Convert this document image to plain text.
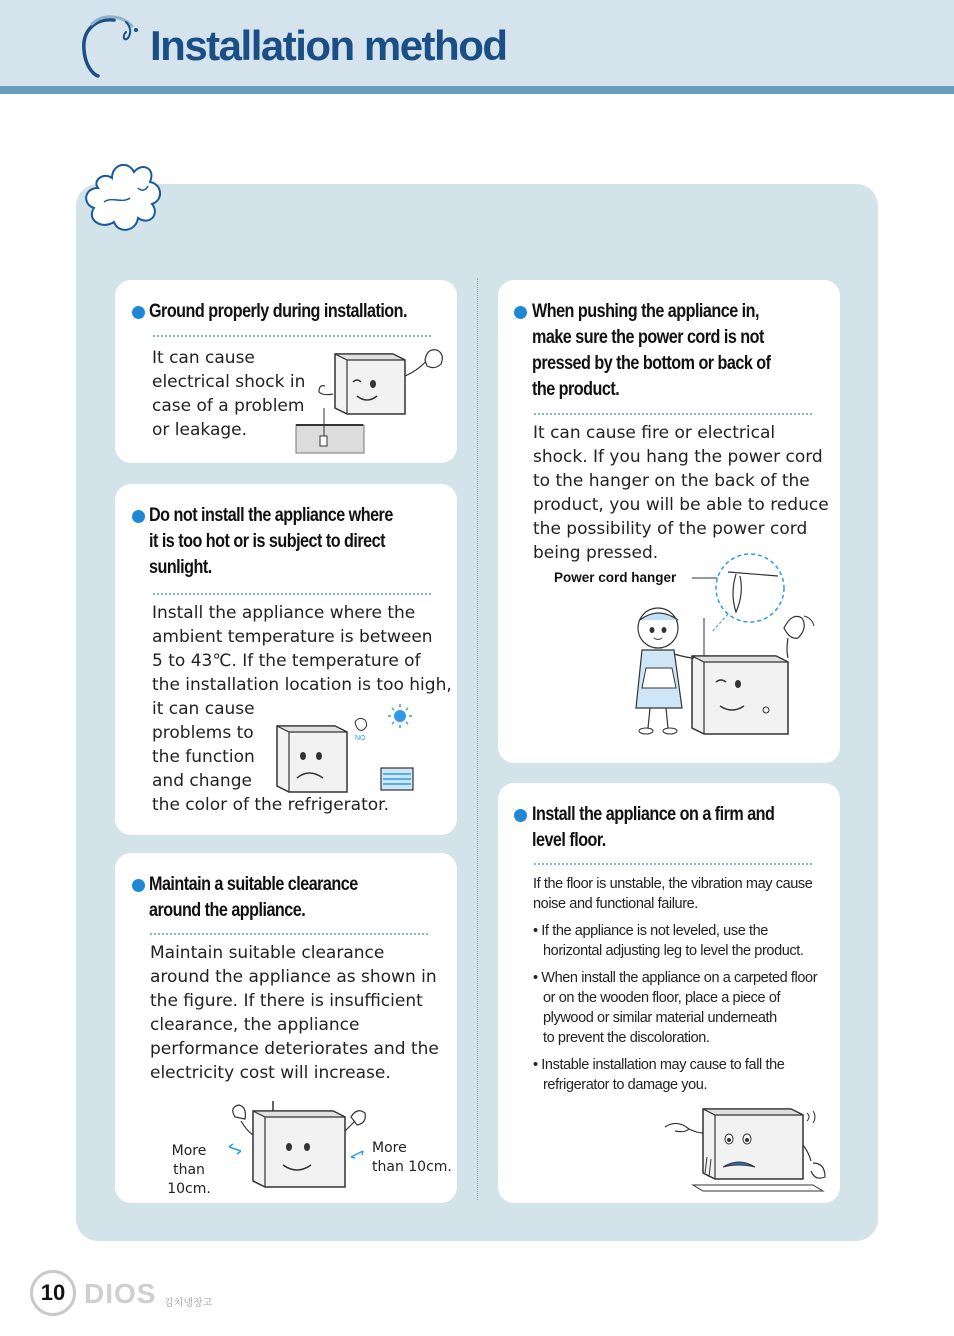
Installation method
Ground properly during installation.
It can cause
electrical shock in
case of a problem
or leakage.
Do not install the appliance where
it is too hot or is subject to direct
sunlight.
Install the appliance where the
ambient temperature is between
5 to 43℃. If the temperature of
the installation location is too high,
it can cause
problems to
the function
and change
the color of the refrigerator.
NO
Maintain a suitable clearance
around the appliance.
Maintain suitable clearance
around the appliance as shown in
the figure. If there is insufficient
clearance, the appliance
performance deteriorates and the
electricity cost will increase.
More than
10cm.
More
than 10cm.
When pushing the appliance in,
make sure the power cord is not
pressed by the bottom or back of
the product.
It can cause fire or electrical
shock. If you hang the power cord
to the hanger on the back of the
product, you will be able to reduce
the possibility of the power cord
being pressed.
Power cord hanger
Install the appliance on a firm and
level floor.
If the floor is unstable, the vibration may cause
noise and functional failure.
• If the appliance is not leveled, use the
horizontal adjusting leg to level the product.
• When install the appliance on a carpeted floor
or on the wooden floor, place a piece of
plywood or similar material underneath
to prevent the discoloration.
• Instable installation may cause to fall the
refrigerator to damage you.
10 DIOS 김치냉장고
